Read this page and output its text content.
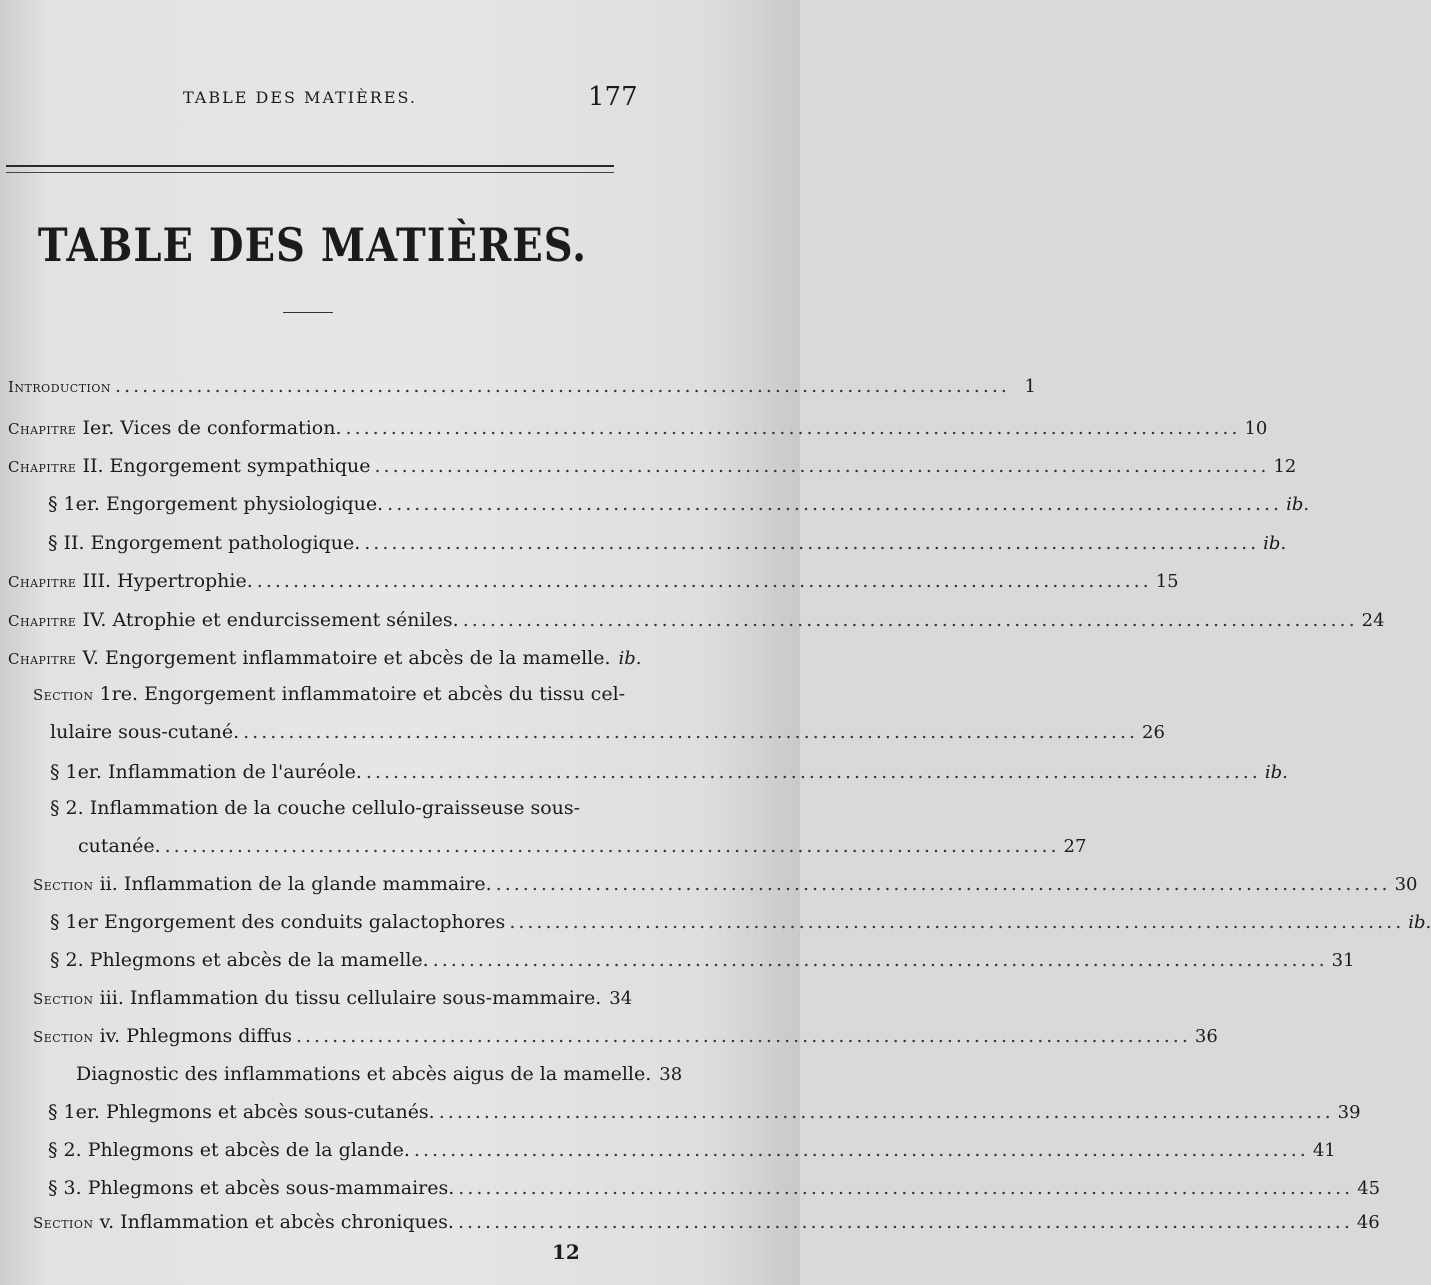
TABLE DES MATIÈRES.	177
TABLE DES MATIÈRES.
Introduction ................................................................................................... 1
Chapitre Ier. Vices de conformation. ................................................................................................... 10
Chapitre II. Engorgement sympathique ................................................................................................... 12
§ 1er. Engorgement physiologique. ................................................................................................... ib.
§ II. Engorgement pathologique. ................................................................................................... ib.
Chapitre III. Hypertrophie. ................................................................................................... 15
Chapitre IV. Atrophie et endurcissement séniles. ................................................................................................... 24
Chapitre V. Engorgement inflammatoire et abcès de la mamelle. ib.
Section 1re. Engorgement inflammatoire et abcès du tissu cel-
lulaire sous-cutané. ................................................................................................... 26
§ 1er. Inflammation de l'auréole. ................................................................................................... ib.
§ 2. Inflammation de la couche cellulo-graisseuse sous-
cutanée. ................................................................................................... 27
Section ii. Inflammation de la glande mammaire. ................................................................................................... 30
§ 1er Engorgement des conduits galactophores ................................................................................................... ib.
§ 2. Phlegmons et abcès de la mamelle. ................................................................................................... 31
Section iii. Inflammation du tissu cellulaire sous-mammaire. 34
Section iv. Phlegmons diffus ................................................................................................... 36
Diagnostic des inflammations et abcès aigus de la mamelle. 38
§ 1er. Phlegmons et abcès sous-cutanés. ................................................................................................... 39
§ 2. Phlegmons et abcès de la glande. ................................................................................................... 41
§ 3. Phlegmons et abcès sous-mammaires. ................................................................................................... 45
Section v. Inflammation et abcès chroniques. ................................................................................................... 46
12
